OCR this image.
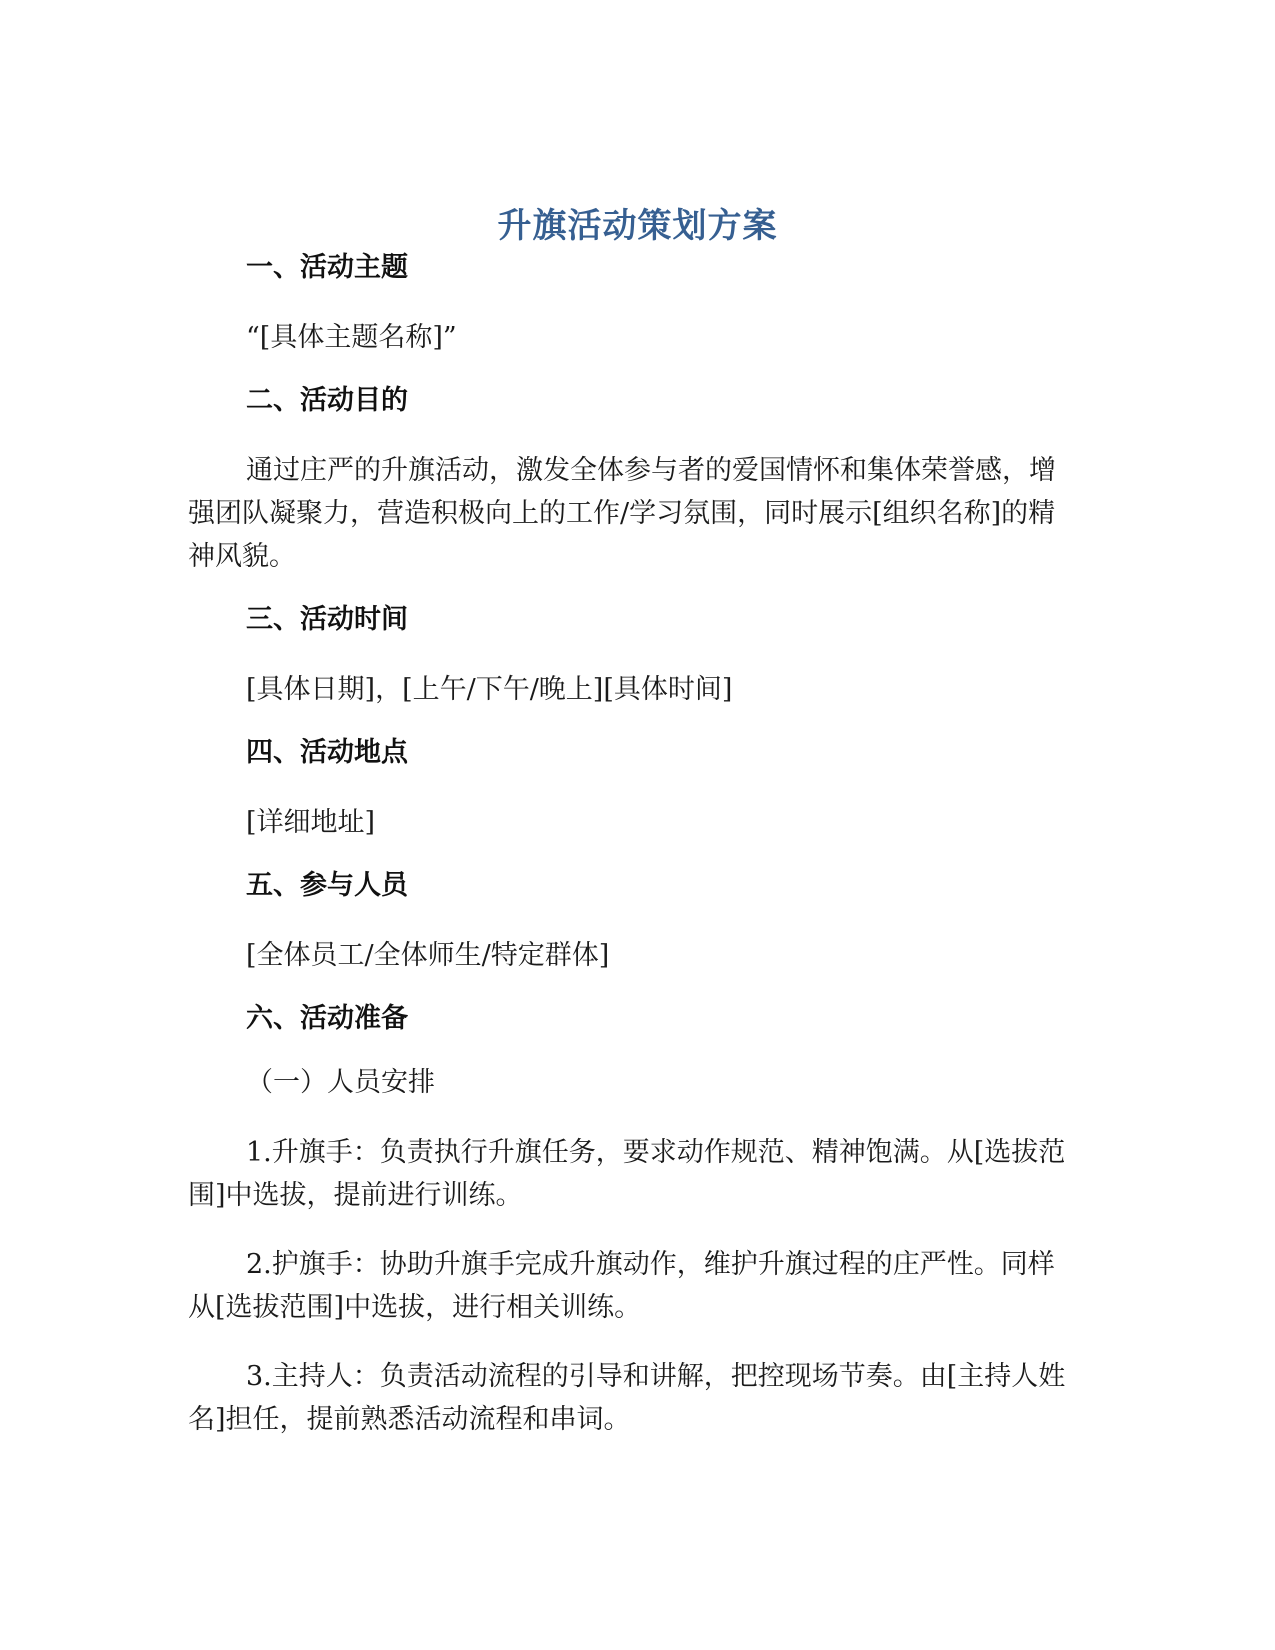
升旗活动策划方案

一、活动主题

“[具体主题名称]”

二、活动目的

通过庄严的升旗活动，激发全体参与者的爱国情怀和集体荣誉感，增强团队凝聚力，营造积极向上的工作/学习氛围，同时展示[组织名称]的精神风貌。

三、活动时间

[具体日期]，[上午/下午/晚上][具体时间]

四、活动地点

[详细地址]

五、参与人员

[全体员工/全体师生/特定群体]

六、活动准备

（一）人员安排

1.升旗手：负责执行升旗任务，要求动作规范、精神饱满。从[选拔范围]中选拔，提前进行训练。

2.护旗手：协助升旗手完成升旗动作，维护升旗过程的庄严性。同样从[选拔范围]中选拔，进行相关训练。

3.主持人：负责活动流程的引导和讲解，把控现场节奏。由[主持人姓名]担任，提前熟悉活动流程和串词。
